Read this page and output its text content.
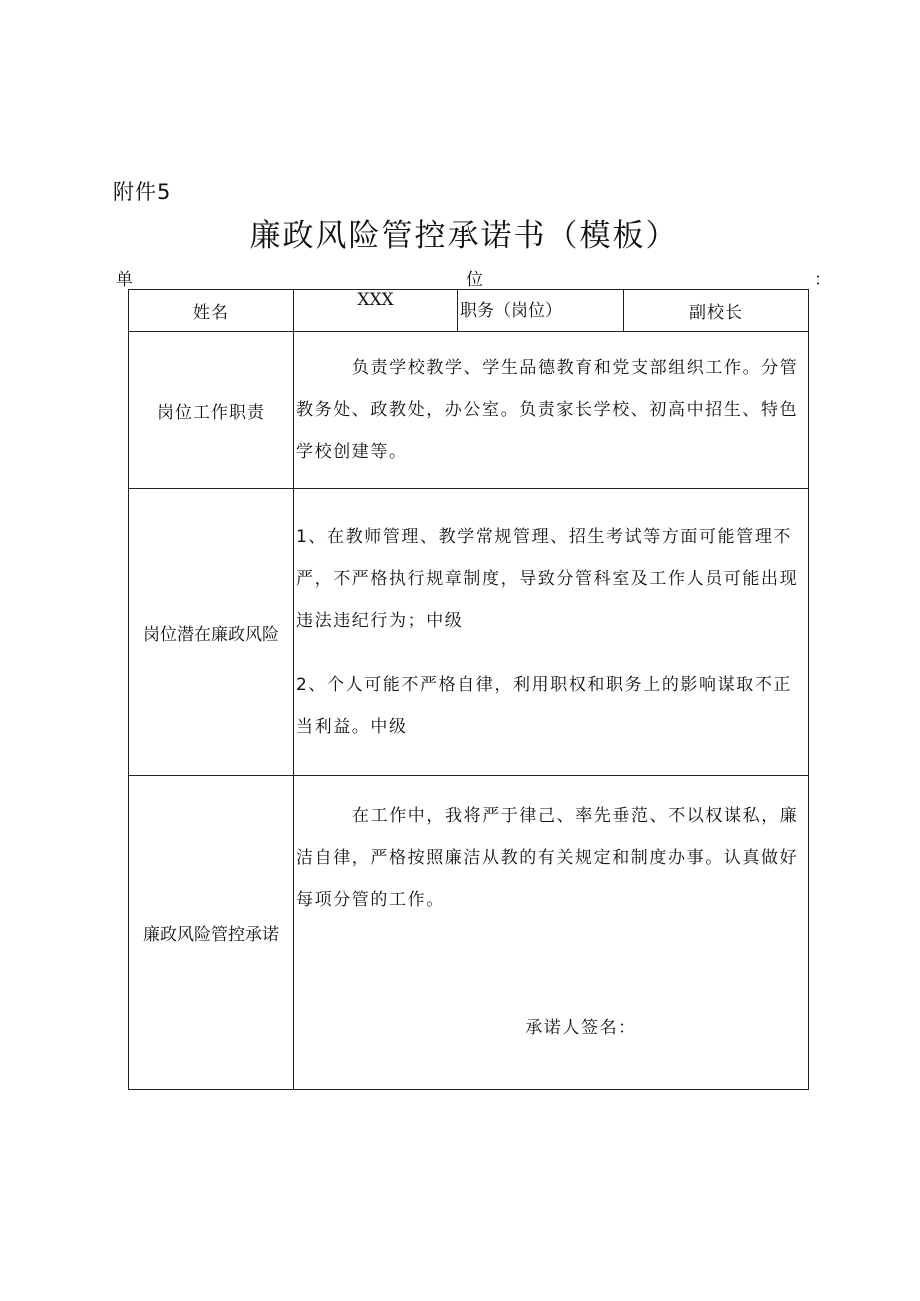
附件5
廉政风险管控承诺书（模板）
单	位	：
姓名	XXX	职务（岗位）	副校长

岗位工作职责	负责学校教学、学生品德教育和党支部组织工作。分管教务处、政教处，办公室。负责家长学校、初高中招生、特色学校创建等。		

岗位潜在廉政风险	1、在教师管理、教学常规管理、招生考试等方面可能管理不严，不严格执行规章制度，导致分管科室及工作人员可能出现违法违纪行为；中级
2、个人可能不严格自律，利用职权和职务上的影响谋取不正当利益。中级		

廉政风险管控承诺	在工作中，我将严于律己、率先垂范、不以权谋私，廉洁自律，严格按照廉洁从教的有关规定和制度办事。认真做好每项分管的工作。
承诺人签名：		
